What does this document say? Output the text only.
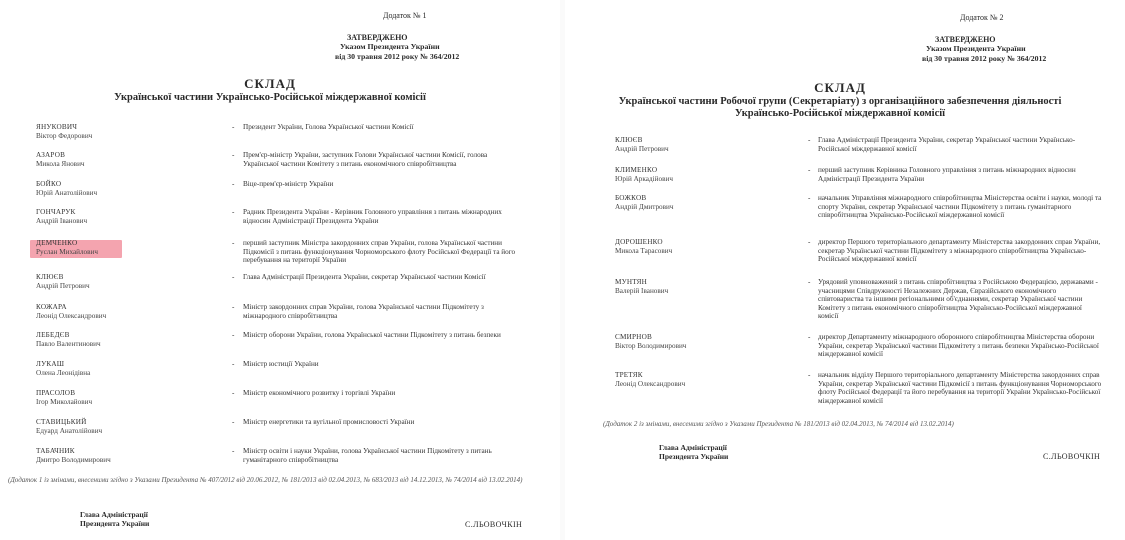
Додаток № 1
ЗАТВЕРДЖЕНО
Указом Президента України
від 30 травня 2012 року № 364/2012
СКЛАД
Української частини Українсько-Російської міждержавної комісії
ЯНУКОВИЧ
Віктор Федорович
- Президент України, Голова Української частини Комісії
АЗАРОВ
Микола Янович
- Прем'єр-міністр України, заступник Голови Української частини Комісії, голова Української частини Комітету з питань економічного співробітництва
БОЙКО
Юрій Анатолійович
- Віце-прем'єр-міністр України
ГОНЧАРУК
Андрій Іванович
- Радник Президента України - Керівник Головного управління з питань міжнародних відносин Адміністрації Президента України
ДЕМЧЕНКО
Руслан Михайлович
- перший заступник Міністра закордонних справ України, голова Української частини Підкомісії з питань функціонування Чорноморського флоту Російської Федерації та його перебування на території України
КЛЮЄВ
Андрій Петрович
- Глава Адміністрації Президента України, секретар Української частини Комісії
КОЖАРА
Леонід Олександрович
- Міністр закордонних справ України, голова Української частини Підкомітету з міжнародного співробітництва
ЛЕБЕДЄВ
Павло Валентинович
- Міністр оборони України, голова Української частини Підкомітету з питань безпеки
ЛУКАШ
Олена Леонідівна
- Міністр юстиції України
ПРАСОЛОВ
Ігор Миколайович
- Міністр економічного розвитку і торгівлі України
СТАВИЦЬКИЙ
Едуард Анатолійович
- Міністр енергетики та вугільної промисловості України
ТАБАЧНИК
Дмитро Володимирович
- Міністр освіти і науки України, голова Української частини Підкомітету з питань гуманітарного співробітництва
(Додаток 1 із змінами, внесеними згідно з Указами Президента № 407/2012 від 20.06.2012, № 181/2013 від 02.04.2013, № 683/2013 від 14.12.2013, № 74/2014 від 13.02.2014)
Глава Адміністрації
Президента України	С.ЛЬОВОЧКІН
Додаток № 2
ЗАТВЕРДЖЕНО
Указом Президента України
від 30 травня 2012 року № 364/2012
СКЛАД
Української частини Робочої групи (Секретаріату) з організаційного забезпечення діяльності
Українсько-Російської міждержавної комісії
КЛЮЄВ
Андрій Петрович
- Глава Адміністрації Президента України, секретар Української частини Українсько-Російської міждержавної комісії
КЛИМЕНКО
Юрій Аркадійович
- перший заступник Керівника Головного управління з питань міжнародних відносин Адміністрації Президента України
БОЖКОВ
Андрій Дмитрович
- начальник Управління міжнародного співробітництва Міністерства освіти і науки, молоді та спорту України, секретар Української частини Підкомітету з питань гуманітарного співробітництва Українсько-Російської міждержавної комісії
ДОРОШЕНКО
Микола Тарасович
- директор Першого територіального департаменту Міністерства закордонних справ України, секретар Української частини Підкомітету з міжнародного співробітництва Українсько-Російської міждержавної комісії
МУНТЯН
Валерій Іванович
- Урядовий уповноважений з питань співробітництва з Російською Федерацією, державами - учасницями Співдружності Незалежних Держав, Євразійського економічного співтовариства та іншими регіональними об'єднаннями, секретар Української частини Комітету з питань економічного співробітництва Українсько-Російської міждержавної комісії
СМИРНОВ
Віктор Володимирович
- директор Департаменту міжнародного оборонного співробітництва Міністерства оборони України, секретар Української частини Підкомітету з питань безпеки Українсько-Російської міждержавної комісії
ТРЕТЯК
Леонід Олександрович
- начальник відділу Першого територіального департаменту Міністерства закордонних справ України, секретар Української частини Підкомісії з питань функціонування Чорноморського флоту Російської Федерації та його перебування на території України Українсько-Російської міждержавної комісії
(Додаток 2 із змінами, внесеними згідно з Указами Президента № 181/2013 від 02.04.2013, № 74/2014 від 13.02.2014)
Глава Адміністрації
Президента України	С.ЛЬОВОЧКІН
